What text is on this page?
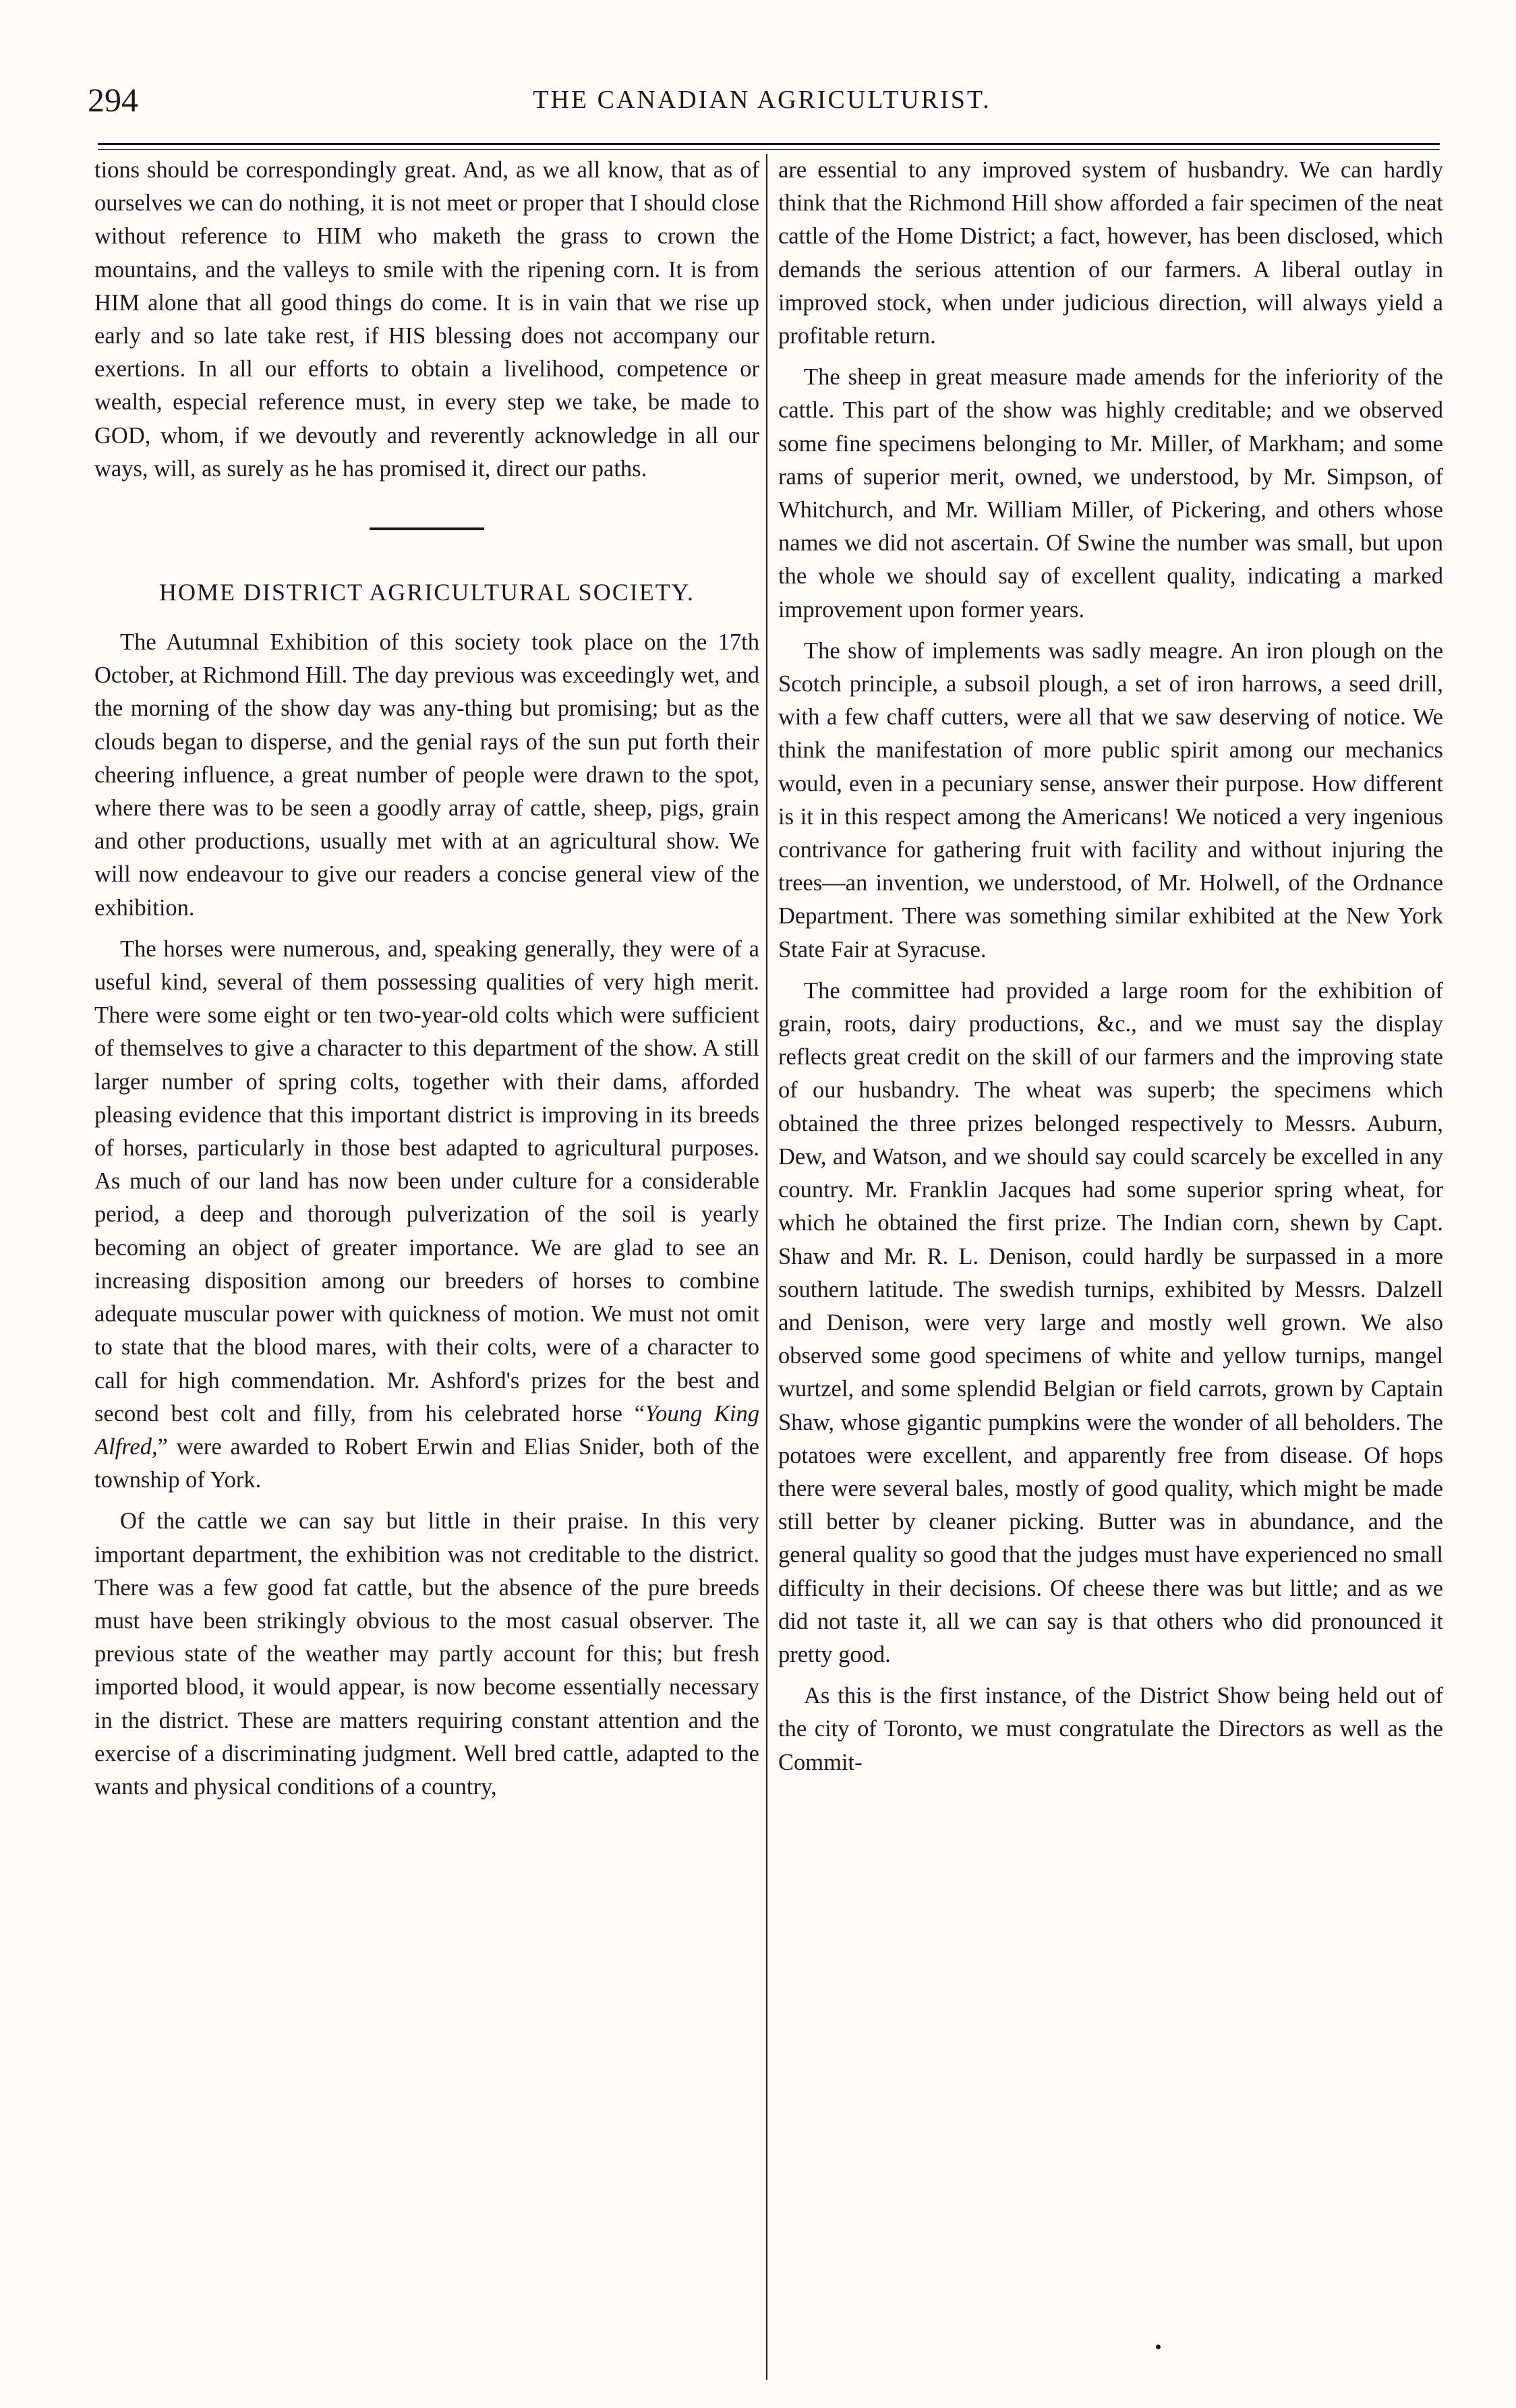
294	THE CANADIAN AGRICULTURIST.

tions should be correspondingly great. And, as we all know, that as of ourselves we can do nothing, it is not meet or proper that I should close without reference to HIM who maketh the grass to crown the mountains, and the valleys to smile with the ripening corn. It is from HIM alone that all good things do come. It is in vain that we rise up early and so late take rest, if HIS blessing does not accompany our exertions. In all our efforts to obtain a livelihood, competence or wealth, especial reference must, in every step we take, be made to GOD, whom, if we devoutly and reverently acknowledge in all our ways, will, as surely as he has promised it, direct our paths.

HOME DISTRICT AGRICULTURAL SOCIETY.

The Autumnal Exhibition of this society took place on the 17th October, at Richmond Hill. The day previous was exceedingly wet, and the morning of the show day was any-thing but promising; but as the clouds began to disperse, and the genial rays of the sun put forth their cheering influence, a great number of people were drawn to the spot, where there was to be seen a goodly array of cattle, sheep, pigs, grain and other productions, usually met with at an agricultural show. We will now endeavour to give our readers a concise general view of the exhibition.

The horses were numerous, and, speaking generally, they were of a useful kind, several of them possessing qualities of very high merit. There were some eight or ten two-year-old colts which were sufficient of themselves to give a character to this department of the show. A still larger number of spring colts, together with their dams, afforded pleasing evidence that this important district is improving in its breeds of horses, particularly in those best adapted to agricultural purposes. As much of our land has now been under culture for a considerable period, a deep and thorough pulverization of the soil is yearly becoming an object of greater importance. We are glad to see an increasing disposition among our breeders of horses to combine adequate muscular power with quickness of motion. We must not omit to state that the blood mares, with their colts, were of a character to call for high commendation. Mr. Ashford's prizes for the best and second best colt and filly, from his celebrated horse “Young King Alfred,” were awarded to Robert Erwin and Elias Snider, both of the township of York.

Of the cattle we can say but little in their praise. In this very important department, the exhibition was not creditable to the district. There was a few good fat cattle, but the absence of the pure breeds must have been strikingly obvious to the most casual observer. The previous state of the weather may partly account for this; but fresh imported blood, it would appear, is now become essentially necessary in the district. These are matters requiring constant attention and the exercise of a discriminating judgment. Well bred cattle, adapted to the wants and physical conditions of a country,

are essential to any improved system of husbandry. We can hardly think that the Richmond Hill show afforded a fair specimen of the neat cattle of the Home District; a fact, however, has been disclosed, which demands the serious attention of our farmers. A liberal outlay in improved stock, when under judicious direction, will always yield a profitable return.

The sheep in great measure made amends for the inferiority of the cattle. This part of the show was highly creditable; and we observed some fine specimens belonging to Mr. Miller, of Markham; and some rams of superior merit, owned, we understood, by Mr. Simpson, of Whitchurch, and Mr. William Miller, of Pickering, and others whose names we did not ascertain. Of Swine the number was small, but upon the whole we should say of excellent quality, indicating a marked improvement upon former years.

The show of implements was sadly meagre. An iron plough on the Scotch principle, a subsoil plough, a set of iron harrows, a seed drill, with a few chaff cutters, were all that we saw deserving of notice. We think the manifestation of more public spirit among our mechanics would, even in a pecuniary sense, answer their purpose. How different is it in this respect among the Americans! We noticed a very ingenious contrivance for gathering fruit with facility and without injuring the trees—an invention, we understood, of Mr. Holwell, of the Ordnance Department. There was something similar exhibited at the New York State Fair at Syracuse.

The committee had provided a large room for the exhibition of grain, roots, dairy productions, &c., and we must say the display reflects great credit on the skill of our farmers and the improving state of our husbandry. The wheat was superb; the specimens which obtained the three prizes belonged respectively to Messrs. Auburn, Dew, and Watson, and we should say could scarcely be excelled in any country. Mr. Franklin Jacques had some superior spring wheat, for which he obtained the first prize. The Indian corn, shewn by Capt. Shaw and Mr. R. L. Denison, could hardly be surpassed in a more southern latitude. The swedish turnips, exhibited by Messrs. Dalzell and Denison, were very large and mostly well grown. We also observed some good specimens of white and yellow turnips, mangel wurtzel, and some splendid Belgian or field carrots, grown by Captain Shaw, whose gigantic pumpkins were the wonder of all beholders. The potatoes were excellent, and apparently free from disease. Of hops there were several bales, mostly of good quality, which might be made still better by cleaner picking. Butter was in abundance, and the general quality so good that the judges must have experienced no small difficulty in their decisions. Of cheese there was but little; and as we did not taste it, all we can say is that others who did pronounced it pretty good.

As this is the first instance, of the District Show being held out of the city of Toronto, we must congratulate the Directors as well as the Commit-
